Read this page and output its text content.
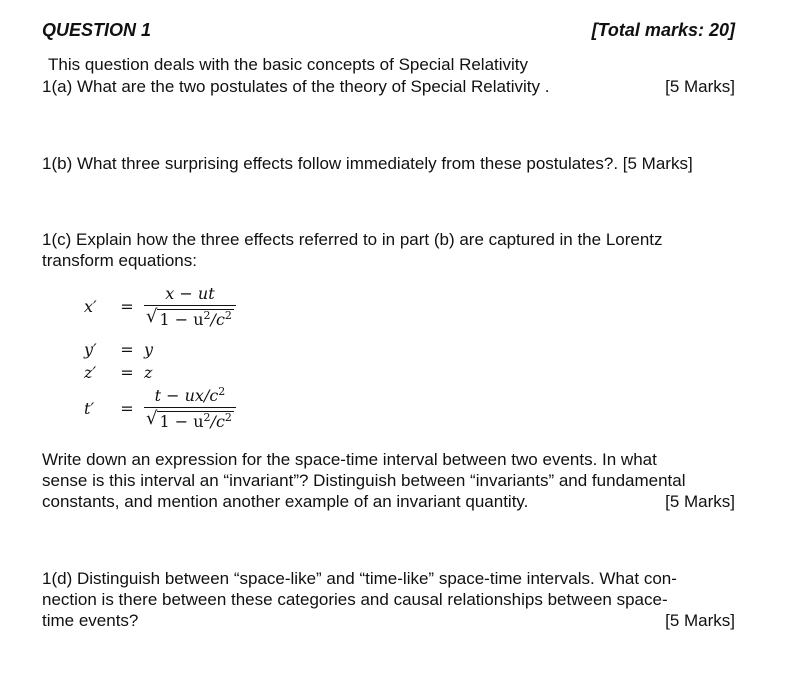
QUESTION 1	[Total marks: 20]
This question deals with the basic concepts of Special Relativity
1(a) What are the two postulates of the theory of Special Relativity .	[5 Marks]
1(b) What three surprising effects follow immediately from these postulates?. [5 Marks]
1(c) Explain how the three effects referred to in part (b) are captured in the Lorentz
transform equations:
x′	= $\frac{x - ut}{√ 1 - u^2/c^2}$
y′	= y
z′	= z
t′	= $\frac{t - ux/c^2}{√ 1 - u^2/c^2}$
Write down an expression for the space-time interval between two events. In what
sense is this interval an “invariant”? Distinguish between “invariants” and fundamental
constants, and mention another example of an invariant quantity.	[5 Marks]
1(d) Distinguish between “space-like” and “time-like” space-time intervals. What con-
nection is there between these categories and causal relationships between space-
time events?	[5 Marks]
